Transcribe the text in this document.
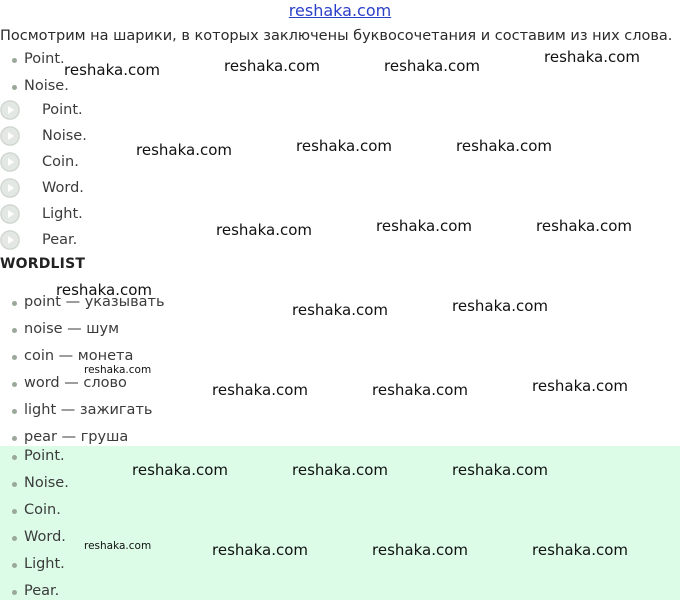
reshaka.com
Посмотрим на шарики, в которых заключены буквосочетания и составим из них слова.
Point.
Noise.
Point.
Noise.
Coin.
Word.
Light.
Pear.
WORDLIST
point — указывать
noise — шум
coin — монета
word — слово
light — зажигать
pear — груша
Point.
Noise.
Coin.
Word.
Light.
Pear.
reshaka.com	reshaka.com	reshaka.com	reshaka.com
reshaka.com	reshaka.com	reshaka.com
reshaka.com	reshaka.com	reshaka.com
reshaka.com
reshaka.com	reshaka.com
reshaka.com
reshaka.com	reshaka.com	reshaka.com
reshaka.com	reshaka.com	reshaka.com
reshaka.com	reshaka.com	reshaka.com	reshaka.com
